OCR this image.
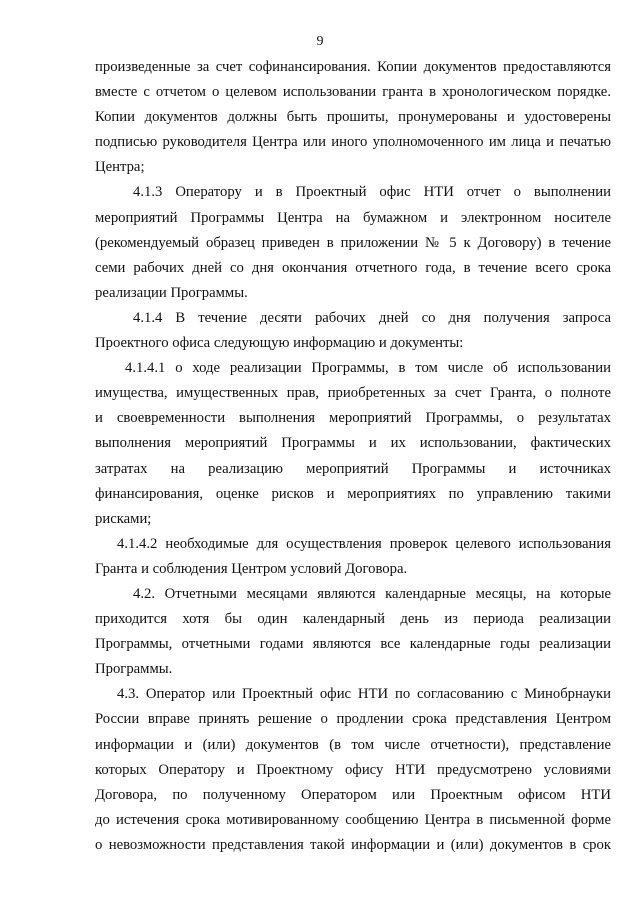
9

произведенные за счет софинансирования. Копии документов предоставляются

вместе с отчетом о целевом использовании гранта в хронологическом порядке.

Копии документов должны быть прошиты, пронумерованы и удостоверены

подписью руководителя Центра или иного уполномоченного им лица и печатью

Центра;

4.1.3 Оператору и в Проектный офис НТИ отчет о выполнении

мероприятий Программы Центра на бумажном и электронном носителе

(рекомендуемый образец приведен в приложении № 5 к Договору) в течение

семи рабочих дней со дня окончания отчетного года, в течение всего срока

реализации Программы.

4.1.4 В течение десяти рабочих дней со дня получения запроса

Проектного офиса следующую информацию и документы:

4.1.4.1 о ходе реализации Программы, в том числе об использовании

имущества, имущественных прав, приобретенных за счет Гранта, о полноте

и своевременности выполнения мероприятий Программы, о результатах

выполнения мероприятий Программы и их использовании, фактических

затратах на реализацию мероприятий Программы и источниках

финансирования, оценке рисков и мероприятиях по управлению такими

рисками;

4.1.4.2 необходимые для осуществления проверок целевого использования

Гранта и соблюдения Центром условий Договора.

4.2. Отчетными месяцами являются календарные месяцы, на которые

приходится хотя бы один календарный день из периода реализации

Программы, отчетными годами являются все календарные годы реализации

Программы.

4.3. Оператор или Проектный офис НТИ по согласованию с Минобрнауки

России вправе принять решение о продлении срока представления Центром

информации и (или) документов (в том числе отчетности), представление

которых Оператору и Проектному офису НТИ предусмотрено условиями

Договора, по полученному Оператором или Проектным офисом НТИ

до истечения срока мотивированному сообщению Центра в письменной форме

о невозможности представления такой информации и (или) документов в срок
